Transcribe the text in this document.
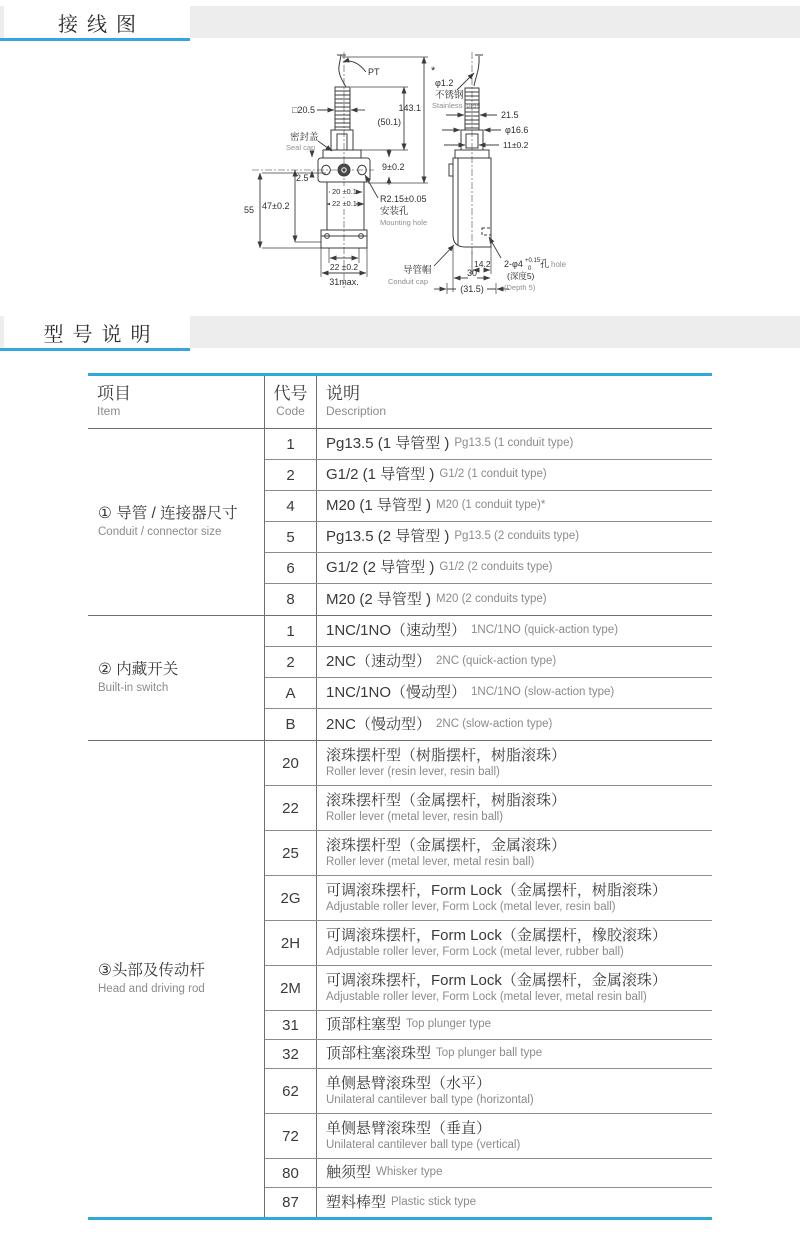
接线图
PT
□20.5
密封盖
Seal cap
143.1
(50.1)
9±0.2
2.5
55 47±0.2
20 ±0.1
22 ±0.1	R2.15±0.05
安装孔
Mounting hole
22 ±0.2
31max.
*
φ1.2
不锈钢
Stainless steel
21.5
φ16.6
11±0.2
导管帽
Conduit cap
14.2
30
(31.5)
2-φ4 +0.15
0 孔 hole
(深度5)
(Depth 5)
型号说明
项目
Item
代号
Code
说明
Description
① 导管 / 连接器尺寸
Conduit / connector size
1	Pg13.5 (1 导管型 ) Pg13.5 (1 conduit type)
2	G1/2 (1 导管型 ) G1/2 (1 conduit type)
4	M20 (1 导管型 ) M20 (1 conduit type)*
5	Pg13.5 (2 导管型 ) Pg13.5 (2 conduits type)
6	G1/2 (2 导管型 ) G1/2 (2 conduits type)
8	M20 (2 导管型 ) M20 (2 conduits type)
② 内藏开关
Built-in switch
1	1NC/1NO（速动型） 1NC/1NO (quick-action type)
2	2NC（速动型） 2NC (quick-action type)
A	1NC/1NO（慢动型） 1NC/1NO (slow-action type)
B	2NC（慢动型） 2NC (slow-action type)
③头部及传动杆
Head and driving rod
20	滚珠摆杆型（树脂摆杆，树脂滚珠）
Roller lever (resin lever, resin ball)
22	滚珠摆杆型（金属摆杆，树脂滚珠）
Roller lever (metal lever, resin ball)
25	滚珠摆杆型（金属摆杆，金属滚珠）
Roller lever (metal lever, metal resin ball)
2G	可调滚珠摆杆，Form Lock（金属摆杆，树脂滚珠）
Adjustable roller lever, Form Lock (metal lever, resin ball)
2H	可调滚珠摆杆，Form Lock（金属摆杆，橡胶滚珠）
Adjustable roller lever, Form Lock (metal lever, rubber ball)
2M	可调滚珠摆杆，Form Lock（金属摆杆，金属滚珠）
Adjustable roller lever, Form Lock (metal lever, metal resin ball)
31	顶部柱塞型 Top plunger type
32	顶部柱塞滚珠型 Top plunger ball type
62	单侧悬臂滚珠型（水平）
Unilateral cantilever ball type (horizontal)
72	单侧悬臂滚珠型（垂直）
Unilateral cantilever ball type (vertical)
80	触须型 Whisker type
87	塑料棒型 Plastic stick type
